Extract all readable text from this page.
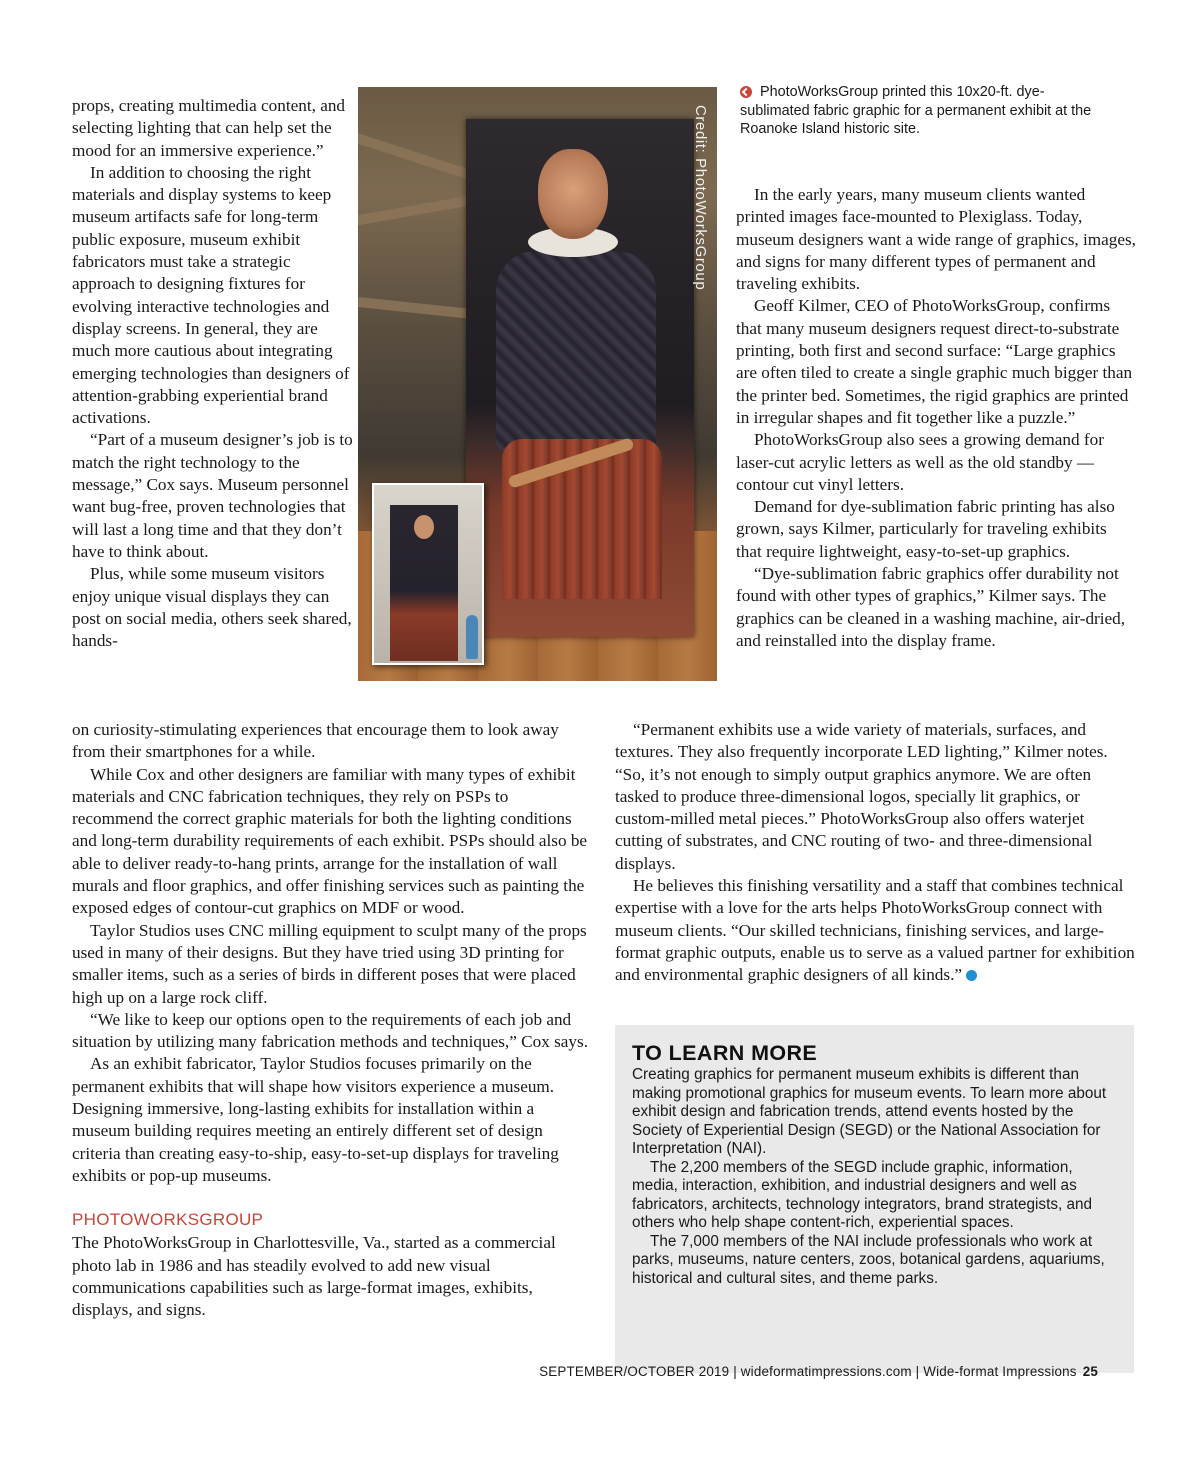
props, creating multimedia content, and selecting lighting that can help set the mood for an immersive experience.”

In addition to choosing the right materials and display systems to keep museum artifacts safe for long-term public exposure, museum exhibit fabricators must take a strategic approach to designing fixtures for evolving interactive technologies and display screens. In general, they are much more cautious about integrating emerging technologies than designers of attention-grabbing experiential brand activations.

“Part of a museum designer’s job is to match the right technology to the message,” Cox says. Museum personnel want bug-free, proven technologies that will last a long time and that they don’t have to think about.

Plus, while some museum visitors enjoy unique visual displays they can post on social media, others seek shared, hands-

Credit: PhotoWorksGroup
PhotoWorksGroup printed this 10x20-ft. dye-sublimated fabric graphic for a permanent exhibit at the Roanoke Island historic site.

In the early years, many museum clients wanted printed images face-mounted to Plexiglass. Today, museum designers want a wide range of graphics, images, and signs for many different types of permanent and traveling exhibits.

Geoff Kilmer, CEO of PhotoWorksGroup, confirms that many museum designers request direct-to-substrate printing, both first and second surface: “Large graphics are often tiled to create a single graphic much bigger than the printer bed. Sometimes, the rigid graphics are printed in irregular shapes and fit together like a puzzle.”

PhotoWorksGroup also sees a growing demand for laser-cut acrylic letters as well as the old standby — contour cut vinyl letters.

Demand for dye-sublimation fabric printing has also grown, says Kilmer, particularly for traveling exhibits that require lightweight, easy-to-set-up graphics.

“Dye-sublimation fabric graphics offer durability not found with other types of graphics,” Kilmer says. The graphics can be cleaned in a washing machine, air-dried, and reinstalled into the display frame.

on curiosity-stimulating experiences that encourage them to look away from their smartphones for a while.

While Cox and other designers are familiar with many types of exhibit materials and CNC fabrication techniques, they rely on PSPs to recommend the correct graphic materials for both the lighting conditions and long-term durability requirements of each exhibit. PSPs should also be able to deliver ready-to-hang prints, arrange for the installation of wall murals and floor graphics, and offer finishing services such as painting the exposed edges of contour-cut graphics on MDF or wood.

Taylor Studios uses CNC milling equipment to sculpt many of the props used in many of their designs. But they have tried using 3D printing for smaller items, such as a series of birds in different poses that were placed high up on a large rock cliff.

“We like to keep our options open to the requirements of each job and situation by utilizing many fabrication methods and techniques,” Cox says.

As an exhibit fabricator, Taylor Studios focuses primarily on the permanent exhibits that will shape how visitors experience a museum. Designing immersive, long-lasting exhibits for installation within a museum building requires meeting an entirely different set of design criteria than creating easy-to-ship, easy-to-set-up displays for traveling exhibits or pop-up museums.

PHOTOWORKSGROUP

The PhotoWorksGroup in Charlottesville, Va., started as a commercial photo lab in 1986 and has steadily evolved to add new visual communications capabilities such as large-format images, exhibits, displays, and signs.

“Permanent exhibits use a wide variety of materials, surfaces, and textures. They also frequently incorporate LED lighting,” Kilmer notes. “So, it’s not enough to simply output graphics anymore. We are often tasked to produce three-dimensional logos, specially lit graphics, or custom-milled metal pieces.” PhotoWorksGroup also offers waterjet cutting of substrates, and CNC routing of two- and three-dimensional displays.

He believes this finishing versatility and a staff that combines technical expertise with a love for the arts helps PhotoWorksGroup connect with museum clients. “Our skilled technicians, finishing services, and large-format graphic outputs, enable us to serve as a valued partner for exhibition and environmental graphic designers of all kinds.”

TO LEARN MORE

Creating graphics for permanent museum exhibits is different than making promotional graphics for museum events. To learn more about exhibit design and fabrication trends, attend events hosted by the Society of Experiential Design (SEGD) or the National Association for Interpretation (NAI).

The 2,200 members of the SEGD include graphic, information, media, interaction, exhibition, and industrial designers and well as fabricators, architects, technology integrators, brand strategists, and others who help shape content-rich, experiential spaces.

The 7,000 members of the NAI include professionals who work at parks, museums, nature centers, zoos, botanical gardens, aquariums, historical and cultural sites, and theme parks.

SEPTEMBER/OCTOBER 2019 | wideformatimpressions.com | Wide-format Impressions 25
